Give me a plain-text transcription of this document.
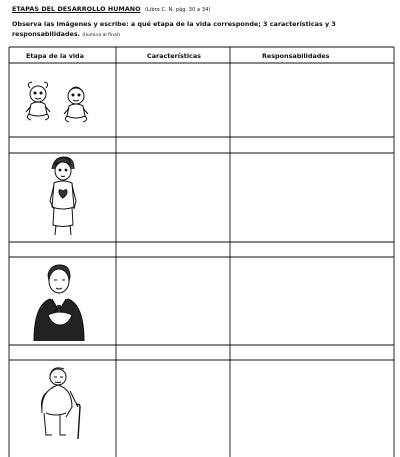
ETAPAS DEL DESARROLLO HUMANO (Libro C. N. pág. 30 a 34)
Observa las imágenes y escribe: a qué etapa de la vida corresponde; 3 características y 3 responsabilidades. (Ilumina al final)
Etapa de la vida	Características	Responsabilidades
